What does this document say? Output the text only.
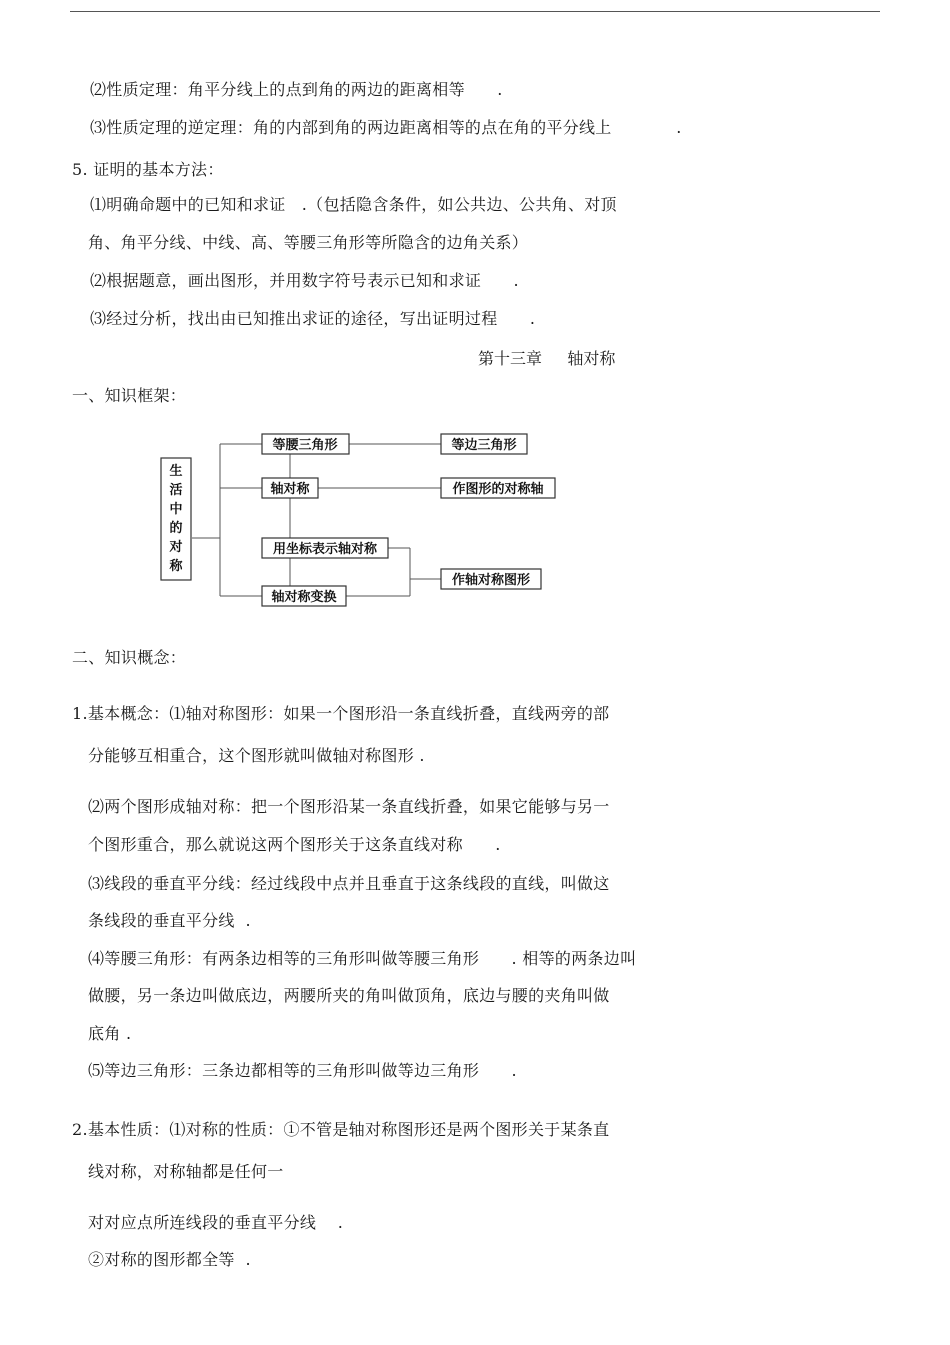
⑵性质定理：角平分线上的点到角的两边的距离相等      .
⑶性质定理的逆定理：角的内部到角的两边距离相等的点在角的平分线上            .
5. 证明的基本方法：
⑴明确命题中的已知和求证   .（包括隐含条件，如公共边、公共角、对顶
角、角平分线、中线、高、等腰三角形等所隐含的边角关系）
⑵根据题意，画出图形，并用数字符号表示已知和求证      .
⑶经过分析，找出由已知推出求证的途径，写出证明过程      .
第十三章     轴对称
一、知识框架：
生
活
中
的
对
称
等腰三角形	等边三角形
轴对称	作图形的对称轴
用坐标表示轴对称
轴对称变换
作轴对称图形
二、知识概念：
1.基本概念：⑴轴对称图形：如果一个图形沿一条直线折叠，直线两旁的部
分能够互相重合，这个图形就叫做轴对称图形 .
⑵两个图形成轴对称：把一个图形沿某一条直线折叠，如果它能够与另一
个图形重合，那么就说这两个图形关于这条直线对称      .
⑶线段的垂直平分线：经过线段中点并且垂直于这条线段的直线，叫做这
条线段的垂直平分线  .
⑷等腰三角形：有两条边相等的三角形叫做等腰三角形      . 相等的两条边叫
做腰，另一条边叫做底边，两腰所夹的角叫做顶角，底边与腰的夹角叫做
底角 .
⑸等边三角形：三条边都相等的三角形叫做等边三角形      .
2.基本性质：⑴对称的性质：①不管是轴对称图形还是两个图形关于某条直
线对称，对称轴都是任何一
对对应点所连线段的垂直平分线    .
②对称的图形都全等  .
